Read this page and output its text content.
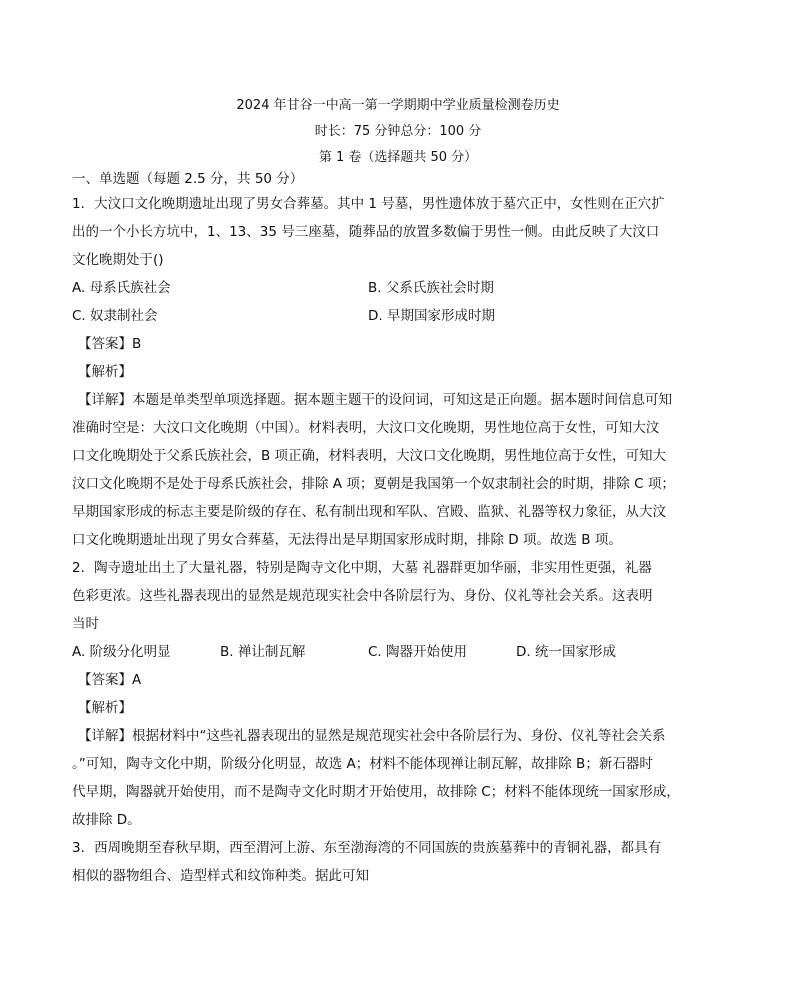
2024 年甘谷一中高一第一学期期中学业质量检测卷历史
时长：75 分钟总分：100 分
第 1 卷（选择题共 50 分）
一、单选题（每题 2.5 分，共 50 分）

1．大汶口文化晚期遗址出现了男女合葬墓。其中 1 号墓，男性遗体放于墓穴正中，女性则在正穴扩

出的一个小长方坑中，1、13、35 号三座墓，随葬品的放置多数偏于男性一侧。由此反映了大汶口

文化晚期处于()

A. 母系氏族社会	B. 父系氏族社会时期
C. 奴隶制社会	D. 早期国家形成时期

【答案】B

【解析】

【详解】本题是单类型单项选择题。据本题主题干的设问词，可知这是正向题。据本题时间信息可知

准确时空是：大汶口文化晚期（中国）。材料表明，大汶口文化晚期，男性地位高于女性，可知大汶

口文化晚期处于父系氏族社会，B 项正确，材料表明，大汶口文化晚期，男性地位高于女性，可知大

汶口文化晚期不是处于母系氏族社会，排除 A 项；夏朝是我国第一个奴隶制社会的时期，排除 C 项；

早期国家形成的标志主要是阶级的存在、私有制出现和军队、宫殿、监狱、礼器等权力象征，从大汶

口文化晚期遗址出现了男女合葬墓，无法得出是早期国家形成时期，排除 D 项。故选 B 项。

2．陶寺遗址出土了大量礼器，特别是陶寺文化中期，大墓 礼器群更加华丽，非实用性更强，礼器

色彩更浓。这些礼器表现出的显然是规范现实社会中各阶层行为、身份、仪礼等社会关系。这表明

当时

A. 阶级分化明显	B. 禅让制瓦解	C. 陶器开始使用	D. 统一国家形成

【答案】A

【解析】

【详解】根据材料中“这些礼器表现出的显然是规范现实社会中各阶层行为、身份、仪礼等社会关系

。”可知，陶寺文化中期，阶级分化明显，故选 A；材料不能体现禅让制瓦解，故排除 B；新石器时

代早期，陶器就开始使用，而不是陶寺文化时期才开始使用，故排除 C；材料不能体现统一国家形成，

故排除 D。

3．西周晚期至春秋早期，西至渭河上游、东至渤海湾的不同国族的贵族墓葬中的青铜礼器，都具有

相似的器物组合、造型样式和纹饰种类。据此可知
